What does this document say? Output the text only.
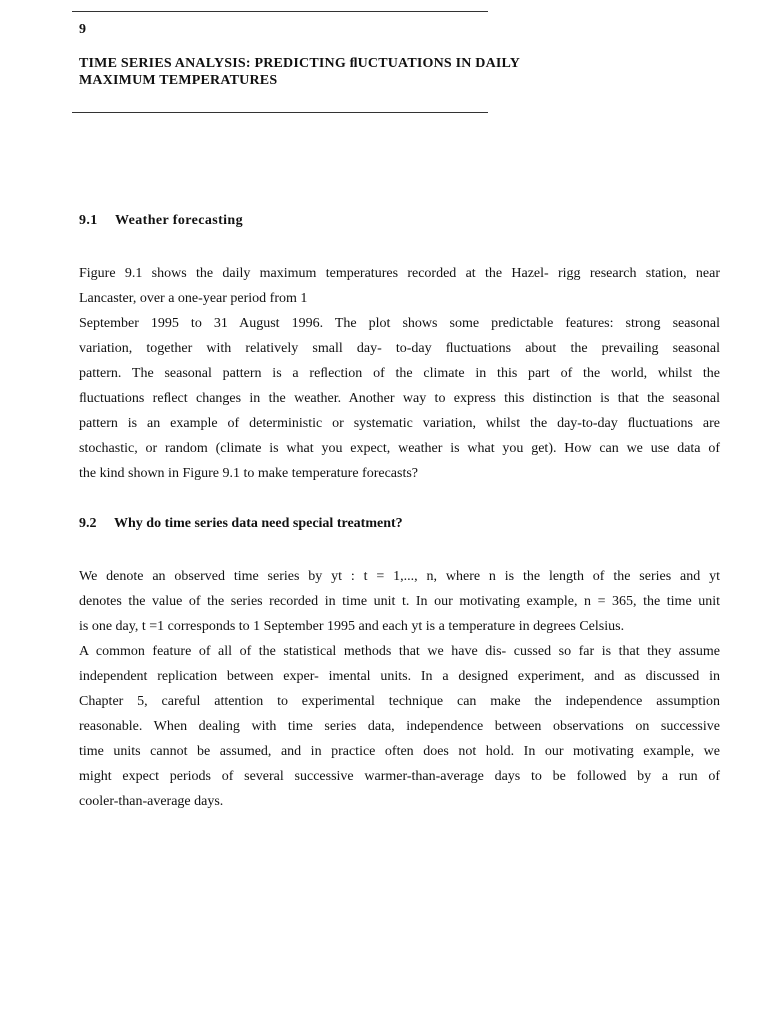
9
TIME SERIES ANALYSIS: PREDICTING ﬂUCTUATIONS IN DAILY
MAXIMUM TEMPERATURES
9.1 Weather forecasting
Figure 9.1 shows the daily maximum temperatures recorded at the Hazel- rigg research station, near
Lancaster, over a one-year period from 1
September 1995 to 31 August 1996. The plot shows some predictable features: strong seasonal
variation, together with relatively small day- to-day ﬂuctuations about the prevailing seasonal
pattern. The seasonal pattern is a reﬂection of the climate in this part of the world, whilst the
ﬂuctuations reﬂect changes in the weather. Another way to express this distinction is that the seasonal
pattern is an example of deterministic or systematic variation, whilst the day-to-day ﬂuctuations are
stochastic, or random (climate is what you expect, weather is what you get). How can we use data of
the kind shown in Figure 9.1 to make temperature forecasts?
9.2 Why do time series data need special treatment?
We denote an observed time series by yt : t = 1,..., n, where n is the length of the series and yt
denotes the value of the series recorded in time unit t. In our motivating example, n = 365, the time unit
is one day, t =1 corresponds to 1 September 1995 and each yt is a temperature in degrees Celsius.
A common feature of all of the statistical methods that we have dis- cussed so far is that they assume
independent replication between exper- imental units. In a designed experiment, and as discussed in
Chapter 5, careful attention to experimental technique can make the independence assumption
reasonable. When dealing with time series data, independence between observations on successive
time units cannot be assumed, and in practice often does not hold. In our motivating example, we
might expect periods of several successive warmer-than-average days to be followed by a run of
cooler-than-average days.
